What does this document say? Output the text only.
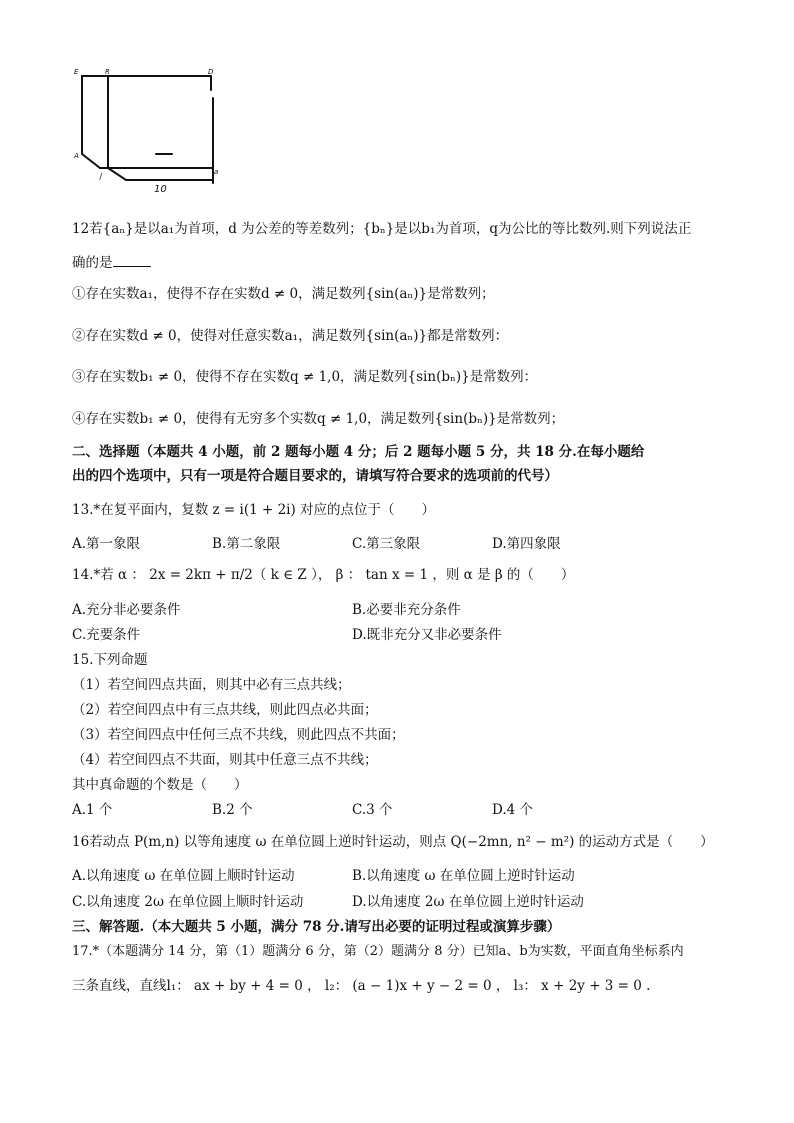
E	R	D
A
J	a
10
12若{aₙ}是以a₁为首项，d 为公差的等差数列；{bₙ}是以b₁为首项，q为公比的等比数列.则下列说法正
确的是
①存在实数a₁，使得不存在实数d ≠ 0，满足数列{sin(aₙ)}是常数列；
②存在实数d ≠ 0，使得对任意实数a₁，满足数列{sin(aₙ)}都是常数列：
③存在实数b₁ ≠ 0，使得不存在实数q ≠ 1,0，满足数列{sin(bₙ)}是常数列：
④存在实数b₁ ≠ 0，使得有无穷多个实数q ≠ 1,0，满足数列{sin(bₙ)}是常数列；
二、选择题（本题共 4 小题，前 2 题每小题 4 分；后 2 题每小题 5 分，共 18 分.在每小题给
出的四个选项中，只有一项是符合题目要求的，请填写符合要求的选项前的代号）
13.*在复平面内，复数 z = i(1 + 2i) 对应的点位于（　　）
A.第一象限	B.第二象限	C.第三象限	D.第四象限
14.*若 α ： 2x = 2kπ + π/2（ k ∈ Z ）， β ： tan x = 1 ，则 α 是 β 的（　　）
A.充分非必要条件	B.必要非充分条件
C.充要条件	D.既非充分又非必要条件
15.下列命题
（1）若空间四点共面，则其中必有三点共线；
（2）若空间四点中有三点共线，则此四点必共面；
（3）若空间四点中任何三点不共线，则此四点不共面；
（4）若空间四点不共面，则其中任意三点不共线；
其中真命题的个数是（　　）
A.1 个	B.2 个	C.3 个	D.4 个
16若动点 P(m,n) 以等角速度 ω 在单位圆上逆时针运动，则点 Q(−2mn, n² − m²) 的运动方式是（　　）
A.以角速度 ω 在单位圆上顺时针运动	B.以角速度 ω 在单位圆上逆时针运动
C.以角速度 2ω 在单位圆上顺时针运动	D.以角速度 2ω 在单位圆上逆时针运动
三、解答题.（本大题共 5 小题，满分 78 分.请写出必要的证明过程或演算步骤）
17.*（本题满分 14 分，第（1）题满分 6 分，第（2）题满分 8 分）已知a、b为实数，平面直角坐标系内
三条直线，直线l₁： ax + by + 4 = 0 ， l₂： (a − 1)x + y − 2 = 0 ， l₃： x + 2y + 3 = 0 .
